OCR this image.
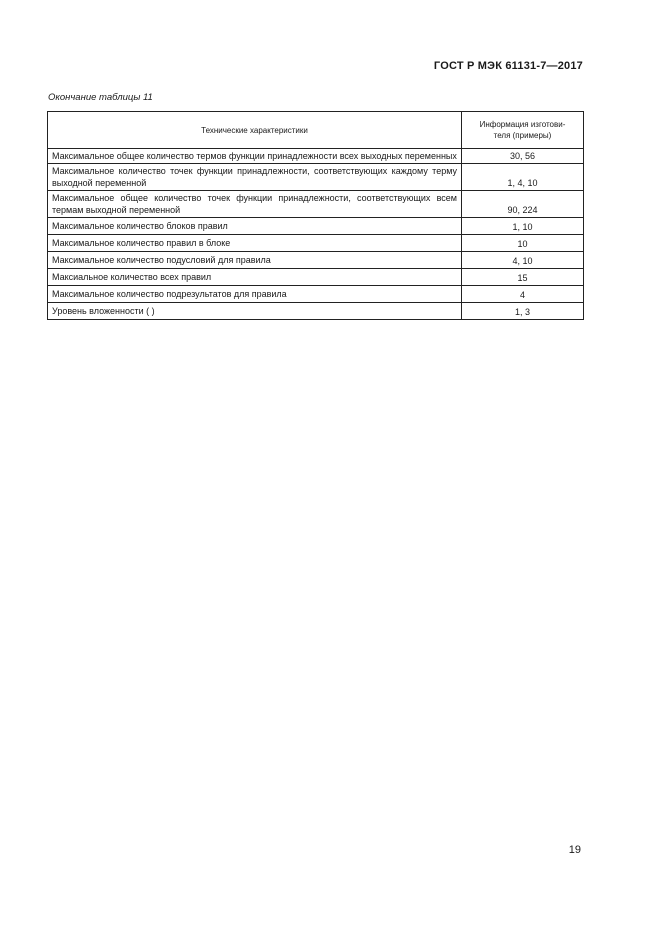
ГОСТ Р МЭК 61131-7—2017
Окончание таблицы 11
Технические характеристики	Информация изготови-
теля (примеры)
Максимальное общее количество термов функции принадлежности всех выходных переменных	30, 56
Максимальное количество точек функции принадлежности, соответствующих каждому терму выходной переменной	1, 4, 10
Максимальное общее количество точек функции принадлежности, соответствующих всем термам выходной переменной	90, 224
Максимальное количество блоков правил	1, 10
Максимальное количество правил в блоке	10
Максимальное количество подусловий для правила	4, 10
Максиальное количество всех правил	15
Максимальное количество подрезультатов для правила	4
Уровень вложенности ( )	1, 3
19
